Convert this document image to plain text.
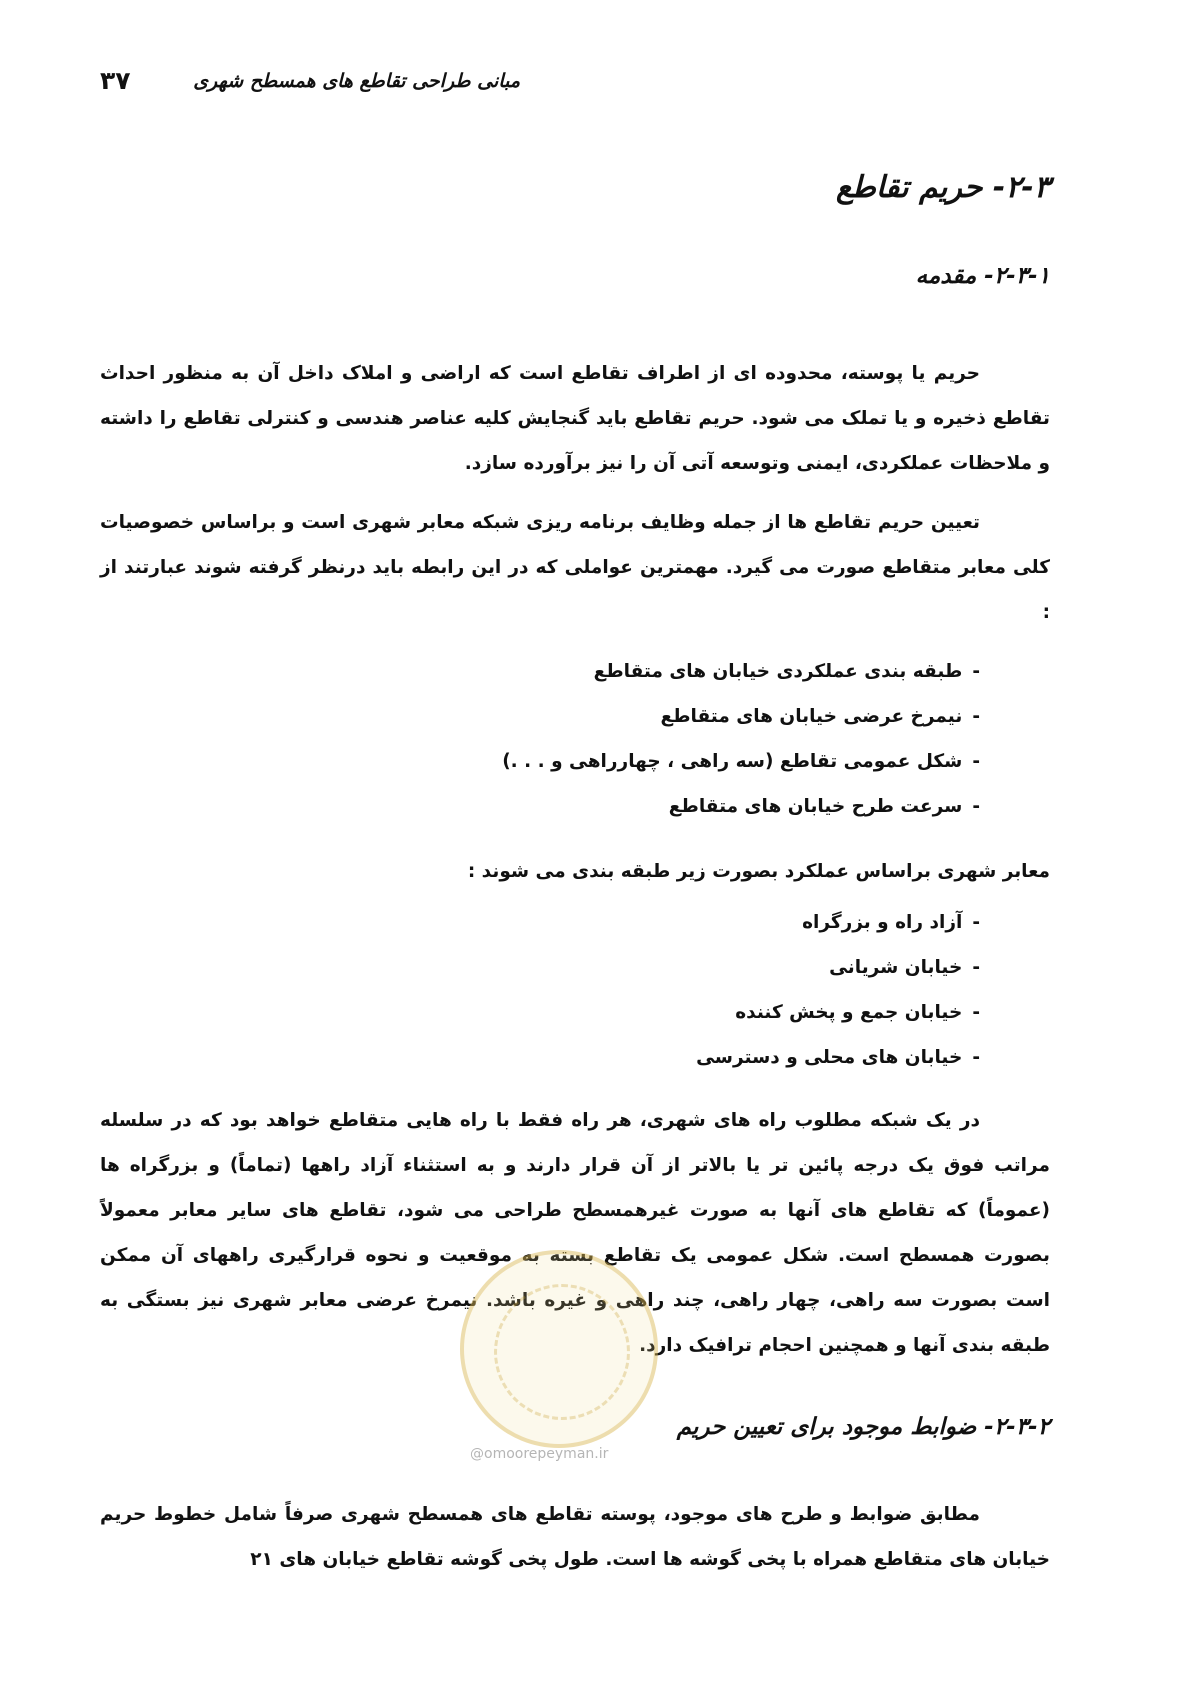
مبانی طراحی تقاطع های همسطح شهری
۳۷
۲-۳- حریم تقاطع
۲-۳-۱- مقدمه

حریم یا پوسته، محدوده ای از اطراف تقاطع است که اراضی و املاک داخل آن به منظور احداث تقاطع ذخیره و یا تملک می شود. حریم تقاطع باید گنجایش کلیه عناصر هندسی و کنترلی تقاطع را داشته و ملاحظات عملکردی، ایمنی وتوسعه آتی آن را نیز برآورده سازد.

تعیین حریم تقاطع ها از جمله وظایف برنامه ریزی شبکه معابر شهری است و براساس خصوصیات کلی معابر متقاطع صورت می گیرد. مهمترین عواملی که در این رابطه باید درنظر گرفته شوند عبارتند از :

-طبقه بندی عملکردی خیابان های متقاطع
-نیمرخ عرضی خیابان های متقاطع
-شکل عمومی تقاطع (سه راهی ، چهارراهی و . . .)
-سرعت طرح خیابان های متقاطع

معابر شهری براساس عملکرد بصورت زیر طبقه بندی می شوند :

-آزاد راه و بزرگراه
-خیابان شریانی
-خیابان جمع و پخش کننده
-خیابان های محلی و دسترسی

در یک شبکه مطلوب راه های شهری، هر راه فقط با راه هایی متقاطع خواهد بود که در سلسله مراتب فوق یک درجه پائین تر یا بالاتر از آن قرار دارند و به استثناء آزاد راهها (تماماً) و بزرگراه ها (عموماً) که تقاطع های آنها به صورت غیرهمسطح طراحی می شود، تقاطع های سایر معابر معمولاً بصورت همسطح است. شکل عمومی یک تقاطع بسته به موقعیت و نحوه قرارگیری راههای آن ممکن است بصورت سه راهی، چهار راهی، چند راهی و غیره باشد. نیمرخ عرضی معابر شهری نیز بستگی به طبقه بندی آنها و همچنین احجام ترافیک دارد.

۲-۳-۲- ضوابط موجود برای تعیین حریم

مطابق ضوابط و طرح های موجود، پوسته تقاطع های همسطح شهری صرفاً شامل خطوط حریم خیابان های متقاطع همراه با پخی گوشه ها است. طول پخی گوشه تقاطع خیابان های ۲۱

@omoorepeyman.ir
